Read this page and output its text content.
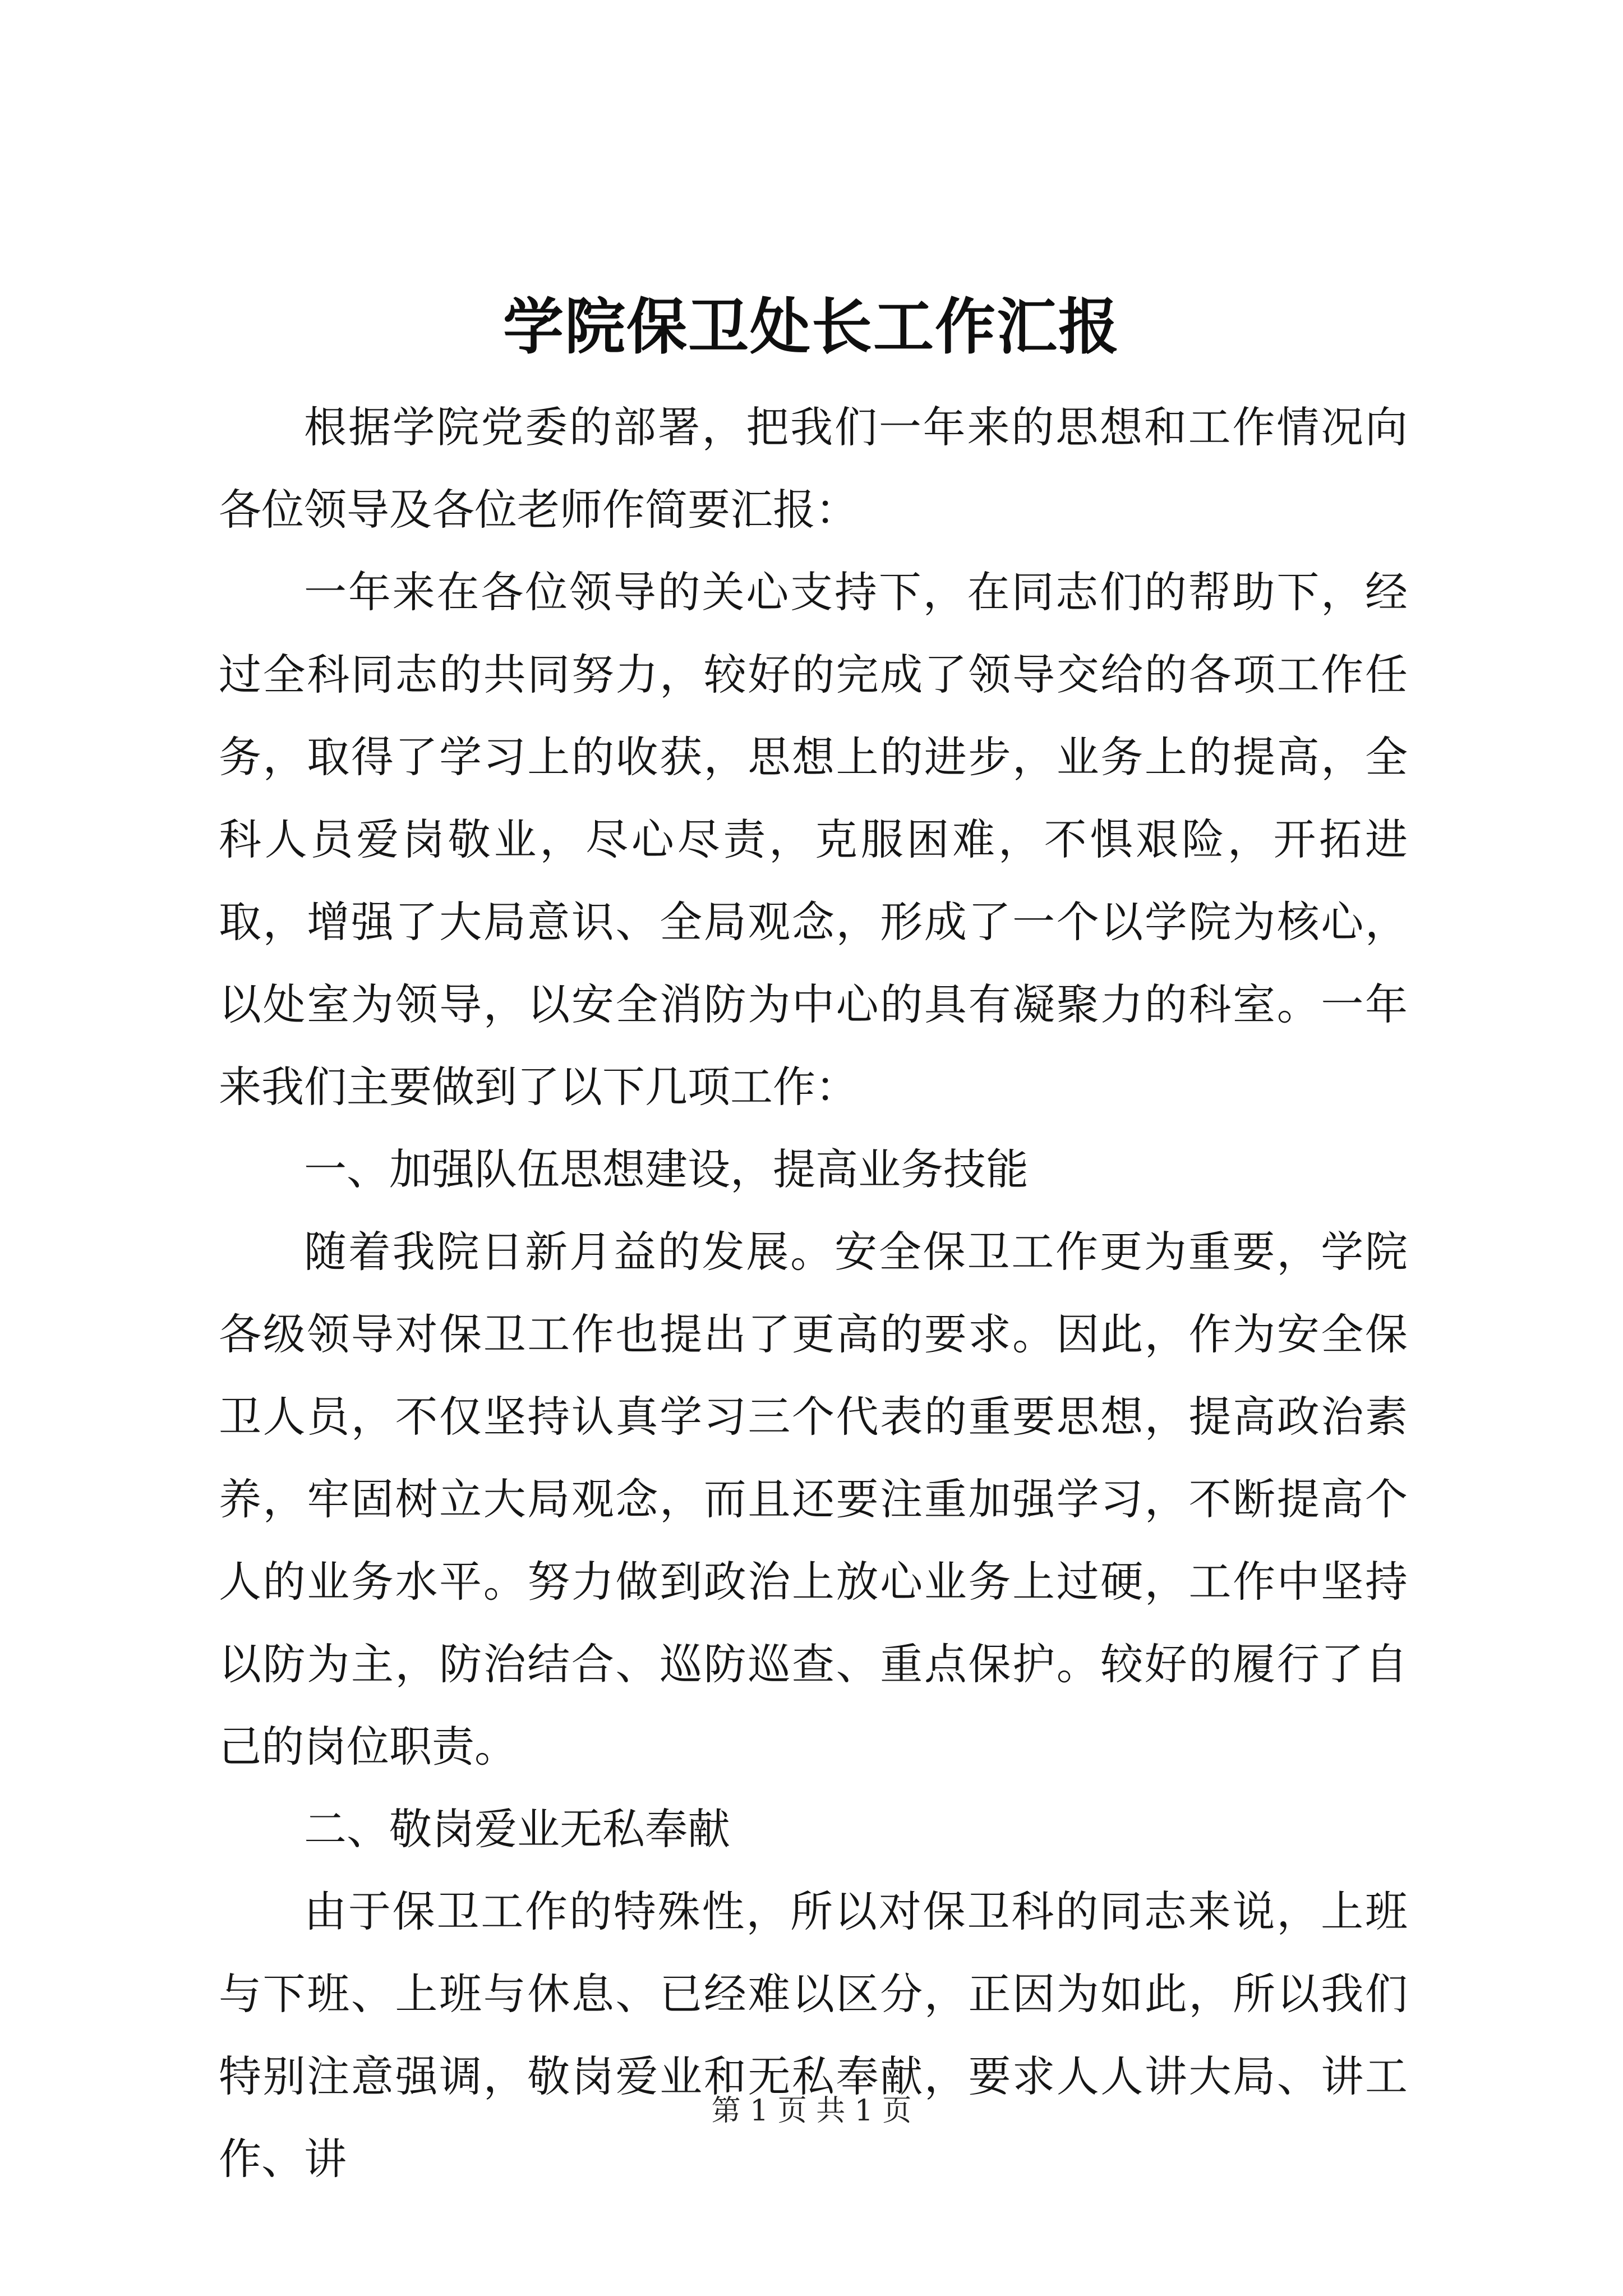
学院保卫处长工作汇报

根据学院党委的部署，把我们一年来的思想和工作情况向各位领导及各位老师作简要汇报：

一年来在各位领导的关心支持下，在同志们的帮助下，经过全科同志的共同努力，较好的完成了领导交给的各项工作任务，取得了学习上的收获，思想上的进步，业务上的提高，全科人员爱岗敬业，尽心尽责，克服困难，不惧艰险，开拓进取，增强了大局意识、全局观念，形成了一个以学院为核心，以处室为领导，以安全消防为中心的具有凝聚力的科室。一年来我们主要做到了以下几项工作：

一、加强队伍思想建设，提高业务技能

随着我院日新月益的发展。安全保卫工作更为重要，学院各级领导对保卫工作也提出了更高的要求。因此，作为安全保卫人员，不仅坚持认真学习三个代表的重要思想，提高政治素养，牢固树立大局观念，而且还要注重加强学习，不断提高个人的业务水平。努力做到政治上放心业务上过硬，工作中坚持以防为主，防治结合、巡防巡查、重点保护。较好的履行了自己的岗位职责。

二、敬岗爱业无私奉献

由于保卫工作的特殊性，所以对保卫科的同志来说，上班与下班、上班与休息、已经难以区分，正因为如此，所以我们特别注意强调，敬岗爱业和无私奉献，要求人人讲大局、讲工作、讲

第 1 页 共 1 页
